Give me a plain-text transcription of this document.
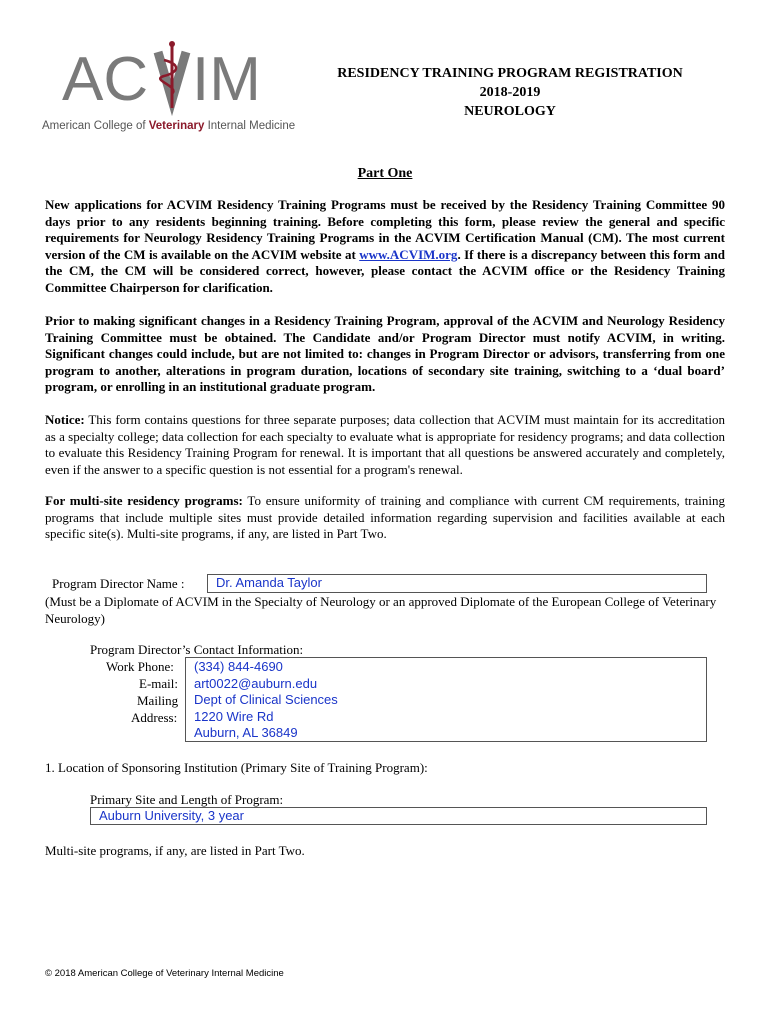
AC IM
American College of Veterinary Internal Medicine
RESIDENCY TRAINING PROGRAM REGISTRATION
2018-2019
NEUROLOGY
Part One
New applications for ACVIM Residency Training Programs must be received by the Residency Training Committee 90 days prior to any residents beginning training. Before completing this form, please review the general and specific requirements for Neurology Residency Training Programs in the ACVIM Certification Manual (CM). The most current version of the CM is available on the ACVIM website at www.ACVIM.org. If there is a discrepancy between this form and the CM, the CM will be considered correct, however, please contact the ACVIM office or the Residency Training Committee Chairperson for clarification.
Prior to making significant changes in a Residency Training Program, approval of the ACVIM and Neurology Residency Training Committee must be obtained. The Candidate and/or Program Director must notify ACVIM, in writing. Significant changes could include, but are not limited to: changes in Program Director or advisors, transferring from one program to another, alterations in program duration, locations of secondary site training, switching to a ‘dual board’ program, or enrolling in an institutional graduate program.
Notice: This form contains questions for three separate purposes; data collection that ACVIM must maintain for its accreditation as a specialty college; data collection for each specialty to evaluate what is appropriate for residency programs; and data collection to evaluate this Residency Training Program for renewal. It is important that all questions be answered accurately and completely, even if the answer to a specific question is not essential for a program's renewal.
For multi-site residency programs: To ensure uniformity of training and compliance with current CM requirements, training programs that include multiple sites must provide detailed information regarding supervision and facilities available at each specific site(s). Multi-site programs, if any, are listed in Part Two.
Program Director Name : Dr. Amanda Taylor
(Must be a Diplomate of ACVIM in the Specialty of Neurology or an approved Diplomate of the European College of Veterinary Neurology)
Program Director’s Contact Information:
Work Phone:
E-mail:
Mailing
Address:
(334) 844-4690
art0022@auburn.edu
Dept of Clinical Sciences
1220 Wire Rd
Auburn, AL 36849
1. Location of Sponsoring Institution (Primary Site of Training Program):
Primary Site and Length of Program:
Auburn University, 3 year
Multi-site programs, if any, are listed in Part Two.
© 2018 American College of Veterinary Internal Medicine
